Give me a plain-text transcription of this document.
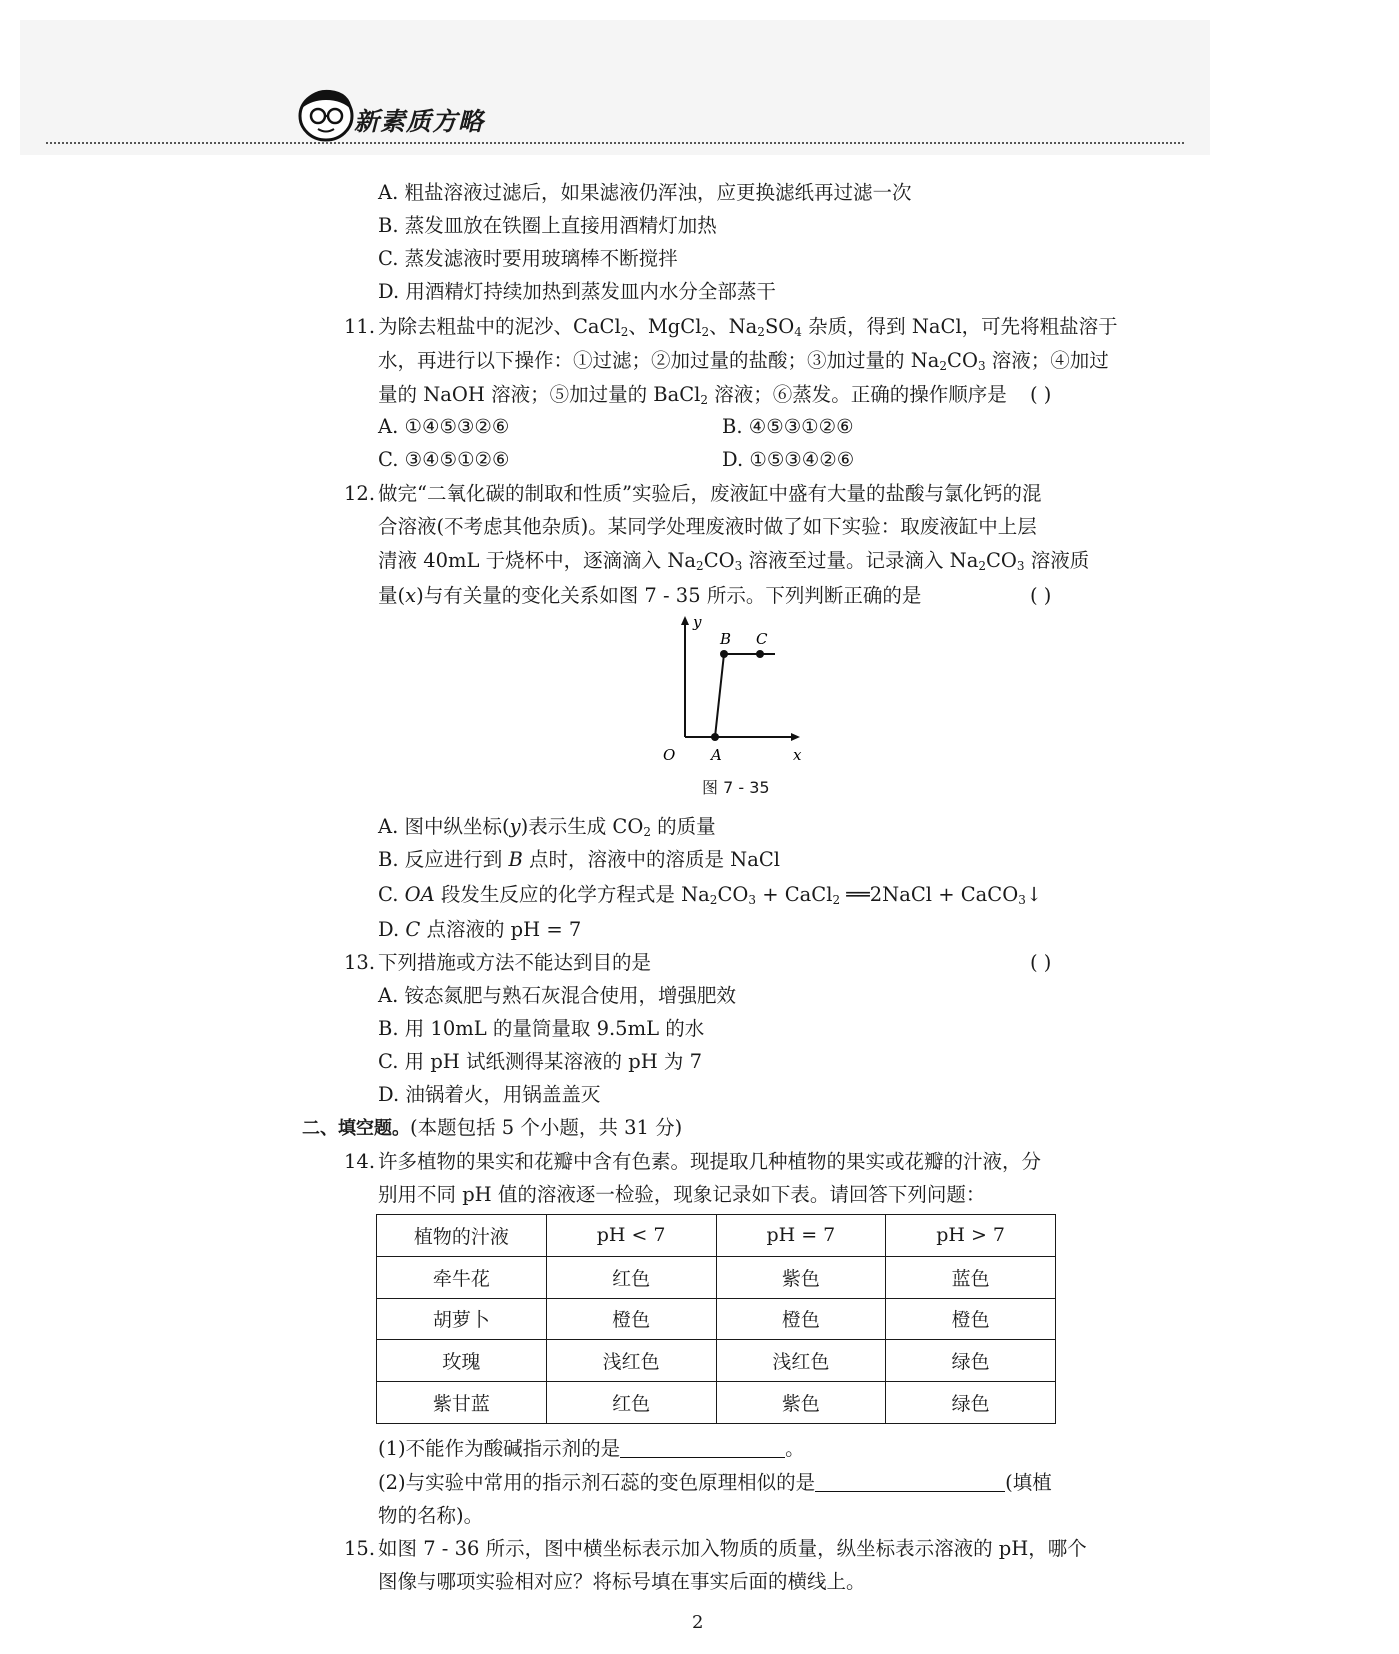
新素质方略
A. 粗盐溶液过滤后，如果滤液仍浑浊，应更换滤纸再过滤一次
B. 蒸发皿放在铁圈上直接用酒精灯加热
C. 蒸发滤液时要用玻璃棒不断搅拌
D. 用酒精灯持续加热到蒸发皿内水分全部蒸干
11. 为除去粗盐中的泥沙、CaCl$_2$、MgCl$_2$、$Na_2SO_4$ 杂质，得到 NaCl，可先将粗盐溶于
水，再进行以下操作：①过滤；②加过量的盐酸；③加过量的 $Na_2CO_3$ 溶液；④加过
量的 NaOH 溶液；⑤加过量的 BaCl$_2$ 溶液；⑥蒸发。正确的操作顺序是 ( )
A. ①④⑤③②⑥	B. ④⑤③①②⑥
C. ③④⑤①②⑥	D. ①⑤③④②⑥
12. 做完“二氧化碳的制取和性质”实验后，废液缸中盛有大量的盐酸与氯化钙的混
合溶液(不考虑其他杂质)。某同学处理废液时做了如下实验：取废液缸中上层
清液 40mL 于烧杯中，逐滴滴入 $Na_2CO_3$ 溶液至过量。记录滴入 $Na_2CO_3$ 溶液质
量(x)与有关量的变化关系如图 7 - 35 所示。下列判断正确的是	( )
x
y
O A
B C
图 7 - 35
A. 图中纵坐标(y)表示生成 $CO_2$ 的质量
B. 反应进行到 B 点时，溶液中的溶质是 NaCl
C. OA 段发生反应的化学方程式是 $Na_2CO_3$ + CaCl$_2$ ══2NaCl + CaCO$_3$↓
D. C 点溶液的 pH = 7
13. 下列措施或方法不能达到目的是	( )
A. 铵态氮肥与熟石灰混合使用，增强肥效
B. 用 10mL 的量筒量取 9.5mL 的水
C. 用 pH 试纸测得某溶液的 pH 为 7
D. 油锅着火，用锅盖盖灭
二、填空题。(本题包括 5 个小题，共 31 分)
14. 许多植物的果实和花瓣中含有色素。现提取几种植物的果实或花瓣的汁液，分
别用不同 pH 值的溶液逐一检验，现象记录如下表。请回答下列问题：
植物的汁液	pH < 7	pH = 7	pH > 7
牵牛花	红色	紫色	蓝色
胡萝卜	橙色	橙色	橙色
玫瑰	浅红色	浅红色	绿色
紫甘蓝	红色	紫色	绿色
(1)不能作为酸碱指示剂的是	。
(2)与实验中常用的指示剂石蕊的变色原理相似的是	(填植
物的名称)。
15. 如图 7 - 36 所示，图中横坐标表示加入物质的质量，纵坐标表示溶液的 pH，哪个
图像与哪项实验相对应？将标号填在事实后面的横线上。
2
